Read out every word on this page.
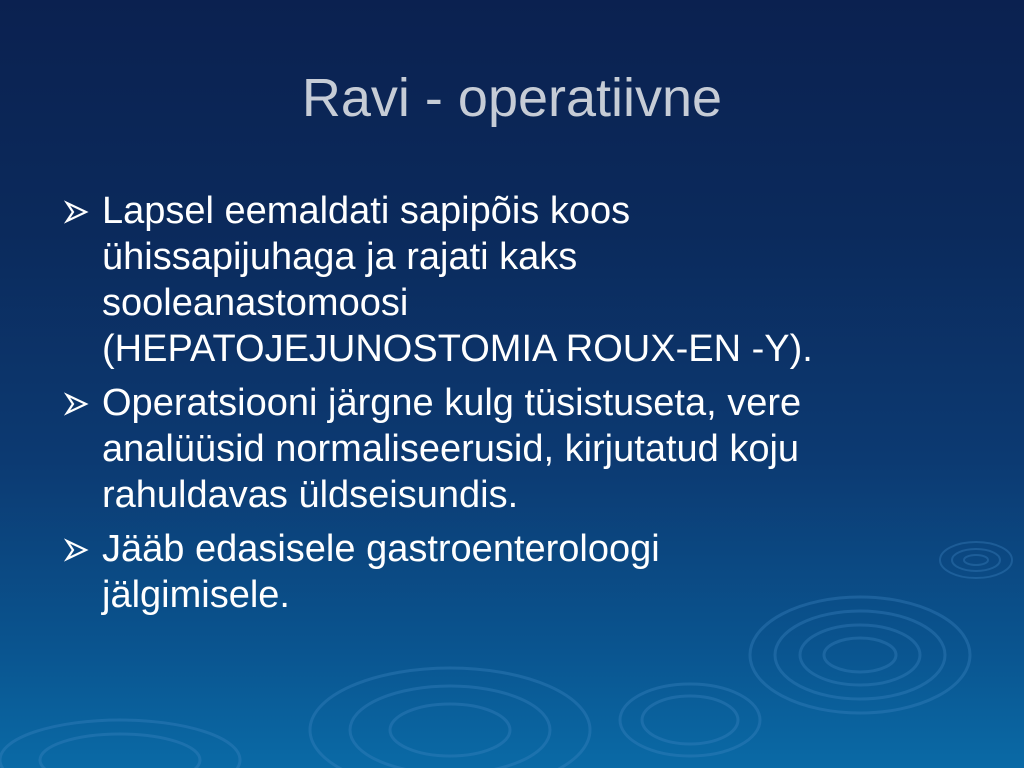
Ravi - operatiivne
Lapsel eemaldati sapipõis koos
ühissapijuhaga ja rajati kaks
sooleanastomoosi
(HEPATOJEJUNOSTOMIA ROUX-EN -Y).
Operatsiooni järgne kulg tüsistuseta, vere
analüüsid normaliseerusid, kirjutatud koju
rahuldavas üldseisundis.
Jääb edasisele gastroenteroloogi
jälgimisele.
